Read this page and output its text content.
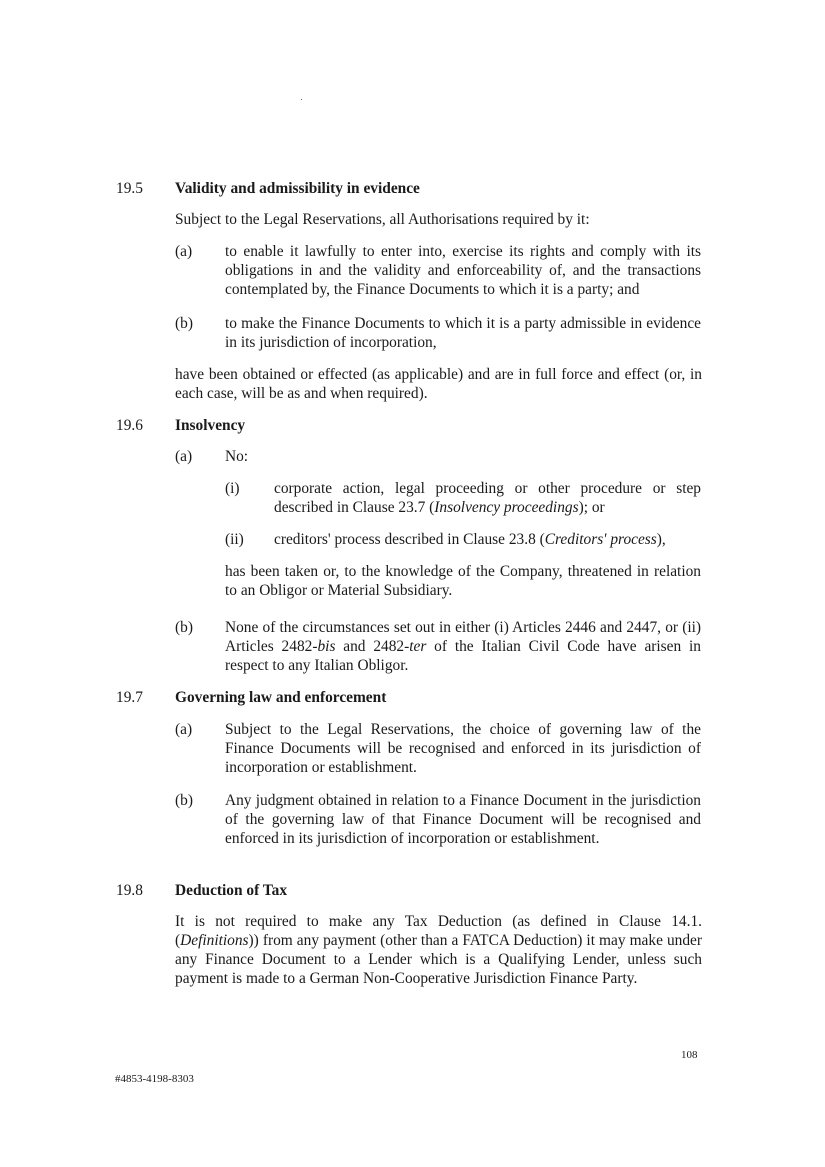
19.5 Validity and admissibility in evidence
Subject to the Legal Reservations, all Authorisations required by it:
(a) to enable it lawfully to enter into, exercise its rights and comply with its obligations in and the validity and enforceability of, and the transactions contemplated by, the Finance Documents to which it is a party; and
(b) to make the Finance Documents to which it is a party admissible in evidence in its jurisdiction of incorporation,
have been obtained or effected (as applicable) and are in full force and effect (or, in each case, will be as and when required).
19.6 Insolvency
(a) No:
(i) corporate action, legal proceeding or other procedure or step described in Clause 23.7 (Insolvency proceedings); or
(ii) creditors' process described in Clause 23.8 (Creditors' process),
has been taken or, to the knowledge of the Company, threatened in relation to an Obligor or Material Subsidiary.
(b) None of the circumstances set out in either (i) Articles 2446 and 2447, or (ii) Articles 2482-bis and 2482-ter of the Italian Civil Code have arisen in respect to any Italian Obligor.
19.7 Governing law and enforcement
(a) Subject to the Legal Reservations, the choice of governing law of the Finance Documents will be recognised and enforced in its jurisdiction of incorporation or establishment.
(b) Any judgment obtained in relation to a Finance Document in the jurisdiction of the governing law of that Finance Document will be recognised and enforced in its jurisdiction of incorporation or establishment.
19.8 Deduction of Tax
It is not required to make any Tax Deduction (as defined in Clause 14.1. (Definitions)) from any payment (other than a FATCA Deduction) it may make under any Finance Document to a Lender which is a Qualifying Lender, unless such payment is made to a German Non-Cooperative Jurisdiction Finance Party.
108
#4853-4198-8303
